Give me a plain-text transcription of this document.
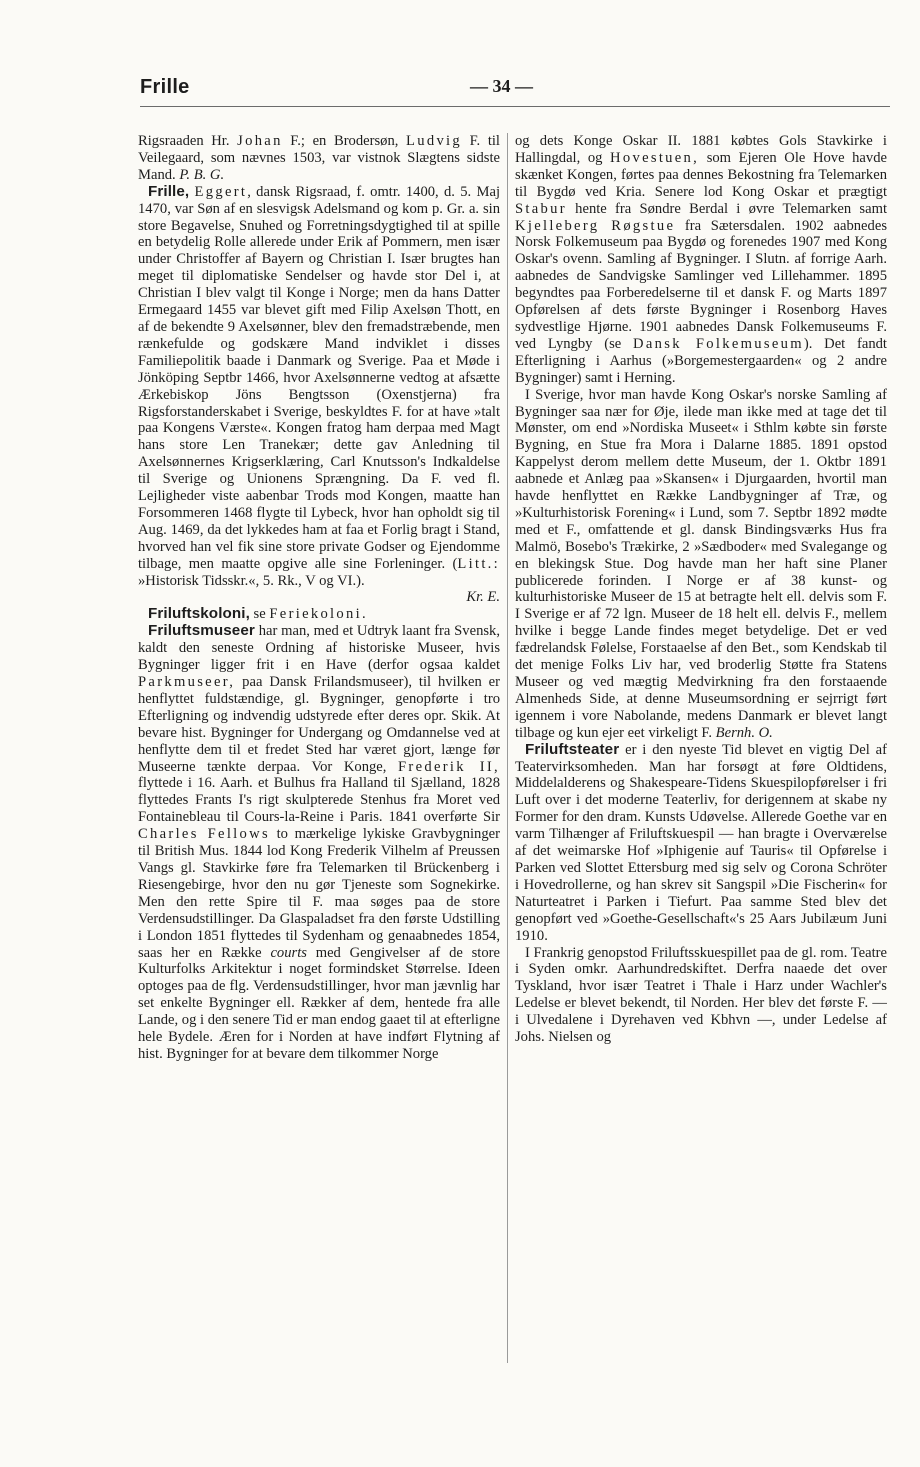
Frille	— 34 —

Rigsraaden Hr. Johan F.; en Brodersøn, Ludvig F. til Veilegaard, som nævnes 1503, var vistnok Slægtens sidste Mand. P. B. G.

Frille, Eggert, dansk Rigsraad, f. omtr. 1400, d. 5. Maj 1470, var Søn af en slesvigsk Adelsmand og kom p. Gr. a. sin store Begavelse, Snuhed og Forretningsdygtighed til at spille en betydelig Rolle allerede under Erik af Pommern, men især under Christoffer af Bayern og Christian I. Især brugtes han meget til diplomatiske Sendelser og havde stor Del i, at Christian I blev valgt til Konge i Norge; men da hans Datter Ermegaard 1455 var blevet gift med Filip Axelsøn Thott, en af de bekendte 9 Axelsønner, blev den fremadstræbende, men rænkefulde og godskære Mand indviklet i disses Familiepolitik baade i Danmark og Sverige. Paa et Møde i Jönköping Septbr 1466, hvor Axelsønnerne vedtog at afsætte Ærkebiskop Jöns Bengtsson (Oxenstjerna) fra Rigsforstanderskabet i Sverige, beskyldtes F. for at have »talt paa Kongens Værste«. Kongen fratog ham derpaa med Magt hans store Len Tranekær; dette gav Anledning til Axelsønnernes Krigserklæring, Carl Knutsson's Indkaldelse til Sverige og Unionens Sprængning. Da F. ved fl. Lejligheder viste aabenbar Trods mod Kongen, maatte han Forsommeren 1468 flygte til Lybeck, hvor han opholdt sig til Aug. 1469, da det lykkedes ham at faa et Forlig bragt i Stand, hvorved han vel fik sine store private Godser og Ejendomme tilbage, men maatte opgive alle sine Forleninger. (Litt.: »Historisk Tidsskr.«, 5. Rk., V og VI.).
Kr. E.

Friluftskoloni, se Feriekoloni.

Friluftsmuseer har man, med et Udtryk laant fra Svensk, kaldt den seneste Ordning af historiske Museer, hvis Bygninger ligger frit i en Have (derfor ogsaa kaldet Parkmuseer, paa Dansk Frilandsmuseer), til hvilken er henflyttet fuldstændige, gl. Bygninger, genopførte i tro Efterligning og indvendig udstyrede efter deres opr. Skik. At bevare hist. Bygninger for Undergang og Omdannelse ved at henflytte dem til et fredet Sted har været gjort, længe før Museerne tænkte derpaa. Vor Konge, Frederik II, flyttede i 16. Aarh. et Bulhus fra Halland til Sjælland, 1828 flyttedes Frants I's rigt skulpterede Stenhus fra Moret ved Fontainebleau til Cours-la-Reine i Paris. 1841 overførte Sir Charles Fellows to mærkelige lykiske Gravbygninger til British Mus. 1844 lod Kong Frederik Vilhelm af Preussen Vangs gl. Stavkirke føre fra Telemarken til Brückenberg i Riesengebirge, hvor den nu gør Tjeneste som Sognekirke. Men den rette Spire til F. maa søges paa de store Verdensudstillinger. Da Glaspaladset fra den første Udstilling i London 1851 flyttedes til Sydenham og genaabnedes 1854, saas her en Række courts med Gengivelser af de store Kulturfolks Arkitektur i noget formindsket Størrelse. Ideen optoges paa de flg. Verdensudstillinger, hvor man jævnlig har set enkelte Bygninger ell. Rækker af dem, hentede fra alle Lande, og i den senere Tid er man endog gaaet til at efterligne hele Bydele. Æren for i Norden at have indført Flytning af hist. Bygninger for at bevare dem tilkommer Norge

og dets Konge Oskar II. 1881 købtes Gols Stavkirke i Hallingdal, og Hovestuen, som Ejeren Ole Hove havde skænket Kongen, førtes paa dennes Bekostning fra Telemarken til Bygdø ved Kria. Senere lod Kong Oskar et prægtigt Stabur hente fra Søndre Berdal i øvre Telemarken samt Kjelleberg Røgstue fra Sætersdalen. 1902 aabnedes Norsk Folkemuseum paa Bygdø og forenedes 1907 med Kong Oskar's ovenn. Samling af Bygninger. I Slutn. af forrige Aarh. aabnedes de Sandvigske Samlinger ved Lillehammer. 1895 begyndtes paa Forberedelserne til et dansk F. og Marts 1897 Opførelsen af dets første Bygninger i Rosenborg Haves sydvestlige Hjørne. 1901 aabnedes Dansk Folkemuseums F. ved Lyngby (se Dansk Folkemuseum). Det fandt Efterligning i Aarhus (»Borgemestergaarden« og 2 andre Bygninger) samt i Herning.

I Sverige, hvor man havde Kong Oskar's norske Samling af Bygninger saa nær for Øje, ilede man ikke med at tage det til Mønster, om end »Nordiska Museet« i Sthlm købte sin første Bygning, en Stue fra Mora i Dalarne 1885. 1891 opstod Kappelyst derom mellem dette Museum, der 1. Oktbr 1891 aabnede et Anlæg paa »Skansen« i Djurgaarden, hvortil man havde henflyttet en Række Landbygninger af Træ, og »Kulturhistorisk Forening« i Lund, som 7. Septbr 1892 mødte med et F., omfattende et gl. dansk Bindingsværks Hus fra Malmö, Bosebo's Trækirke, 2 »Sædboder« med Svalegange og en blekingsk Stue. Dog havde man her haft sine Planer publicerede forinden. I Norge er af 38 kunst- og kulturhistoriske Museer de 15 at betragte helt ell. delvis som F. I Sverige er af 72 lgn. Museer de 18 helt ell. delvis F., mellem hvilke i begge Lande findes meget betydelige. Det er ved fædrelandsk Følelse, Forstaaelse af den Bet., som Kendskab til det menige Folks Liv har, ved broderlig Støtte fra Statens Museer og ved mægtig Medvirkning fra den forstaaende Almenheds Side, at denne Museumsordning er sejrrigt ført igennem i vore Nabolande, medens Danmark er blevet langt tilbage og kun ejer eet virkeligt F. Bernh. O.

Friluftsteater er i den nyeste Tid blevet en vigtig Del af Teatervirksomheden. Man har forsøgt at føre Oldtidens, Middelalderens og Shakespeare-Tidens Skuespilopførelser i fri Luft over i det moderne Teaterliv, for derigennem at skabe ny Former for den dram. Kunsts Udøvelse. Allerede Goethe var en varm Tilhænger af Friluftskuespil — han bragte i Overværelse af det weimarske Hof »Iphigenie auf Tauris« til Opførelse i Parken ved Slottet Ettersburg med sig selv og Corona Schröter i Hovedrollerne, og han skrev sit Sangspil »Die Fischerin« for Naturteatret i Parken i Tiefurt. Paa samme Sted blev det genopført ved »Goethe-Gesellschaft«'s 25 Aars Jubilæum Juni 1910.

I Frankrig genopstod Friluftsskuespillet paa de gl. rom. Teatre i Syden omkr. Aarhundredskiftet. Derfra naaede det over Tyskland, hvor især Teatret i Thale i Harz under Wachler's Ledelse er blevet bekendt, til Norden. Her blev det første F. — i Ulvedalene i Dyrehaven ved Kbhvn —, under Ledelse af Johs. Nielsen og
